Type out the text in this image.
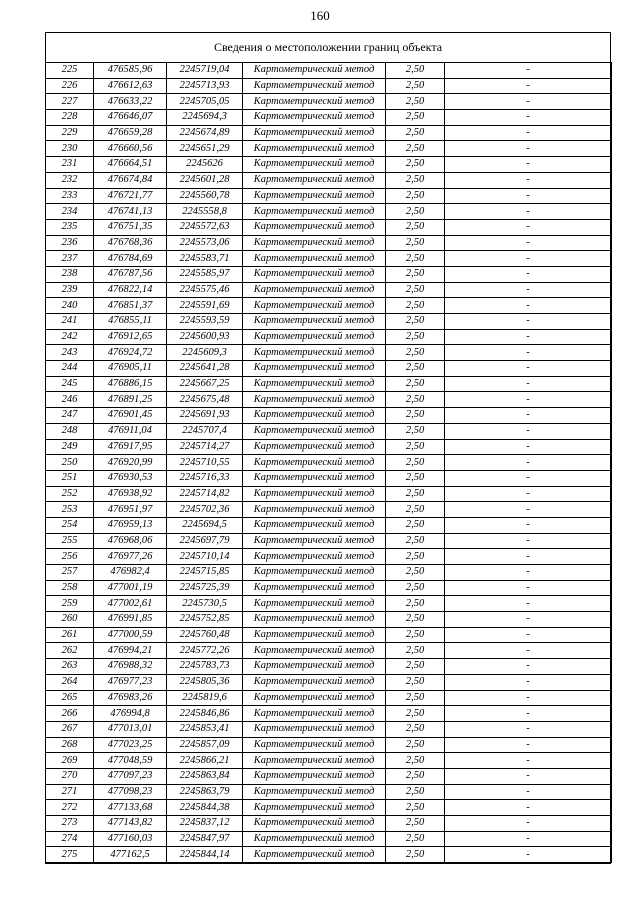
160
Сведения о местоположении границ объекта
225	476585,96	2245719,04	Картометрический метод	2,50	-
226	476612,63	2245713,93	Картометрический метод	2,50	-
227	476633,22	2245705,05	Картометрический метод	2,50	-
228	476646,07	2245694,3	Картометрический метод	2,50	-
229	476659,28	2245674,89	Картометрический метод	2,50	-
230	476660,56	2245651,29	Картометрический метод	2,50	-
231	476664,51	2245626	Картометрический метод	2,50	-
232	476674,84	2245601,28	Картометрический метод	2,50	-
233	476721,77	2245560,78	Картометрический метод	2,50	-
234	476741,13	2245558,8	Картометрический метод	2,50	-
235	476751,35	2245572,63	Картометрический метод	2,50	-
236	476768,36	2245573,06	Картометрический метод	2,50	-
237	476784,69	2245583,71	Картометрический метод	2,50	-
238	476787,56	2245585,97	Картометрический метод	2,50	-
239	476822,14	2245575,46	Картометрический метод	2,50	-
240	476851,37	2245591,69	Картометрический метод	2,50	-
241	476855,11	2245593,59	Картометрический метод	2,50	-
242	476912,65	2245600,93	Картометрический метод	2,50	-
243	476924,72	2245609,3	Картометрический метод	2,50	-
244	476905,11	2245641,28	Картометрический метод	2,50	-
245	476886,15	2245667,25	Картометрический метод	2,50	-
246	476891,25	2245675,48	Картометрический метод	2,50	-
247	476901,45	2245691,93	Картометрический метод	2,50	-
248	476911,04	2245707,4	Картометрический метод	2,50	-
249	476917,95	2245714,27	Картометрический метод	2,50	-
250	476920,99	2245710,55	Картометрический метод	2,50	-
251	476930,53	2245716,33	Картометрический метод	2,50	-
252	476938,92	2245714,82	Картометрический метод	2,50	-
253	476951,97	2245702,36	Картометрический метод	2,50	-
254	476959,13	2245694,5	Картометрический метод	2,50	-
255	476968,06	2245697,79	Картометрический метод	2,50	-
256	476977,26	2245710,14	Картометрический метод	2,50	-
257	476982,4	2245715,85	Картометрический метод	2,50	-
258	477001,19	2245725,39	Картометрический метод	2,50	-
259	477002,61	2245730,5	Картометрический метод	2,50	-
260	476991,85	2245752,85	Картометрический метод	2,50	-
261	477000,59	2245760,48	Картометрический метод	2,50	-
262	476994,21	2245772,26	Картометрический метод	2,50	-
263	476988,32	2245783,73	Картометрический метод	2,50	-
264	476977,23	2245805,36	Картометрический метод	2,50	-
265	476983,26	2245819,6	Картометрический метод	2,50	-
266	476994,8	2245846,86	Картометрический метод	2,50	-
267	477013,01	2245853,41	Картометрический метод	2,50	-
268	477023,25	2245857,09	Картометрический метод	2,50	-
269	477048,59	2245866,21	Картометрический метод	2,50	-
270	477097,23	2245863,84	Картометрический метод	2,50	-
271	477098,23	2245863,79	Картометрический метод	2,50	-
272	477133,68	2245844,38	Картометрический метод	2,50	-
273	477143,82	2245837,12	Картометрический метод	2,50	-
274	477160,03	2245847,97	Картометрический метод	2,50	-
275	477162,5	2245844,14	Картометрический метод	2,50	-
